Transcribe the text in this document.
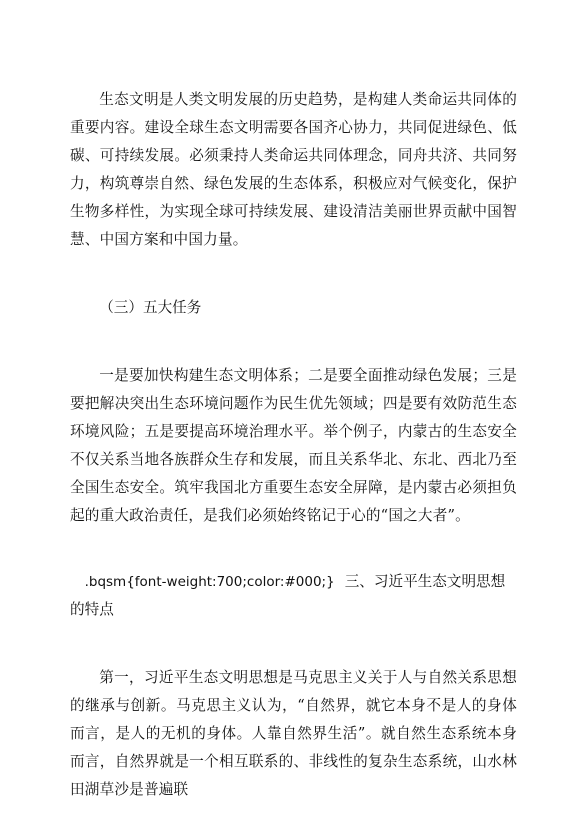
生态文明是人类文明发展的历史趋势，是构建人类命运共同体的重要内容。建设全球生态文明需要各国齐心协力，共同促进绿色、低碳、可持续发展。必须秉持人类命运共同体理念，同舟共济、共同努力，构筑尊崇自然、绿色发展的生态体系，积极应对气候变化，保护生物多样性，为实现全球可持续发展、建设清洁美丽世界贡献中国智慧、中国方案和中国力量。

（三）五大任务

一是要加快构建生态文明体系；二是要全面推动绿色发展；三是要把解决突出生态环境问题作为民生优先领域；四是要有效防范生态环境风险；五是要提高环境治理水平。举个例子，内蒙古的生态安全不仅关系当地各族群众生存和发展，而且关系华北、东北、西北乃至全国生态安全。筑牢我国北方重要生态安全屏障，是内蒙古必须担负起的重大政治责任，是我们必须始终铭记于心的“国之大者”。

.bqsm{font-weight:700;color:#000;} 三、习近平生态文明思想的特点

第一，习近平生态文明思想是马克思主义关于人与自然关系思想的继承与创新。马克思主义认为，“自然界，就它本身不是人的身体而言，是人的无机的身体。人靠自然界生活”。就自然生态系统本身而言，自然界就是一个相互联系的、非线性的复杂生态系统，山水林田湖草沙是普遍联
